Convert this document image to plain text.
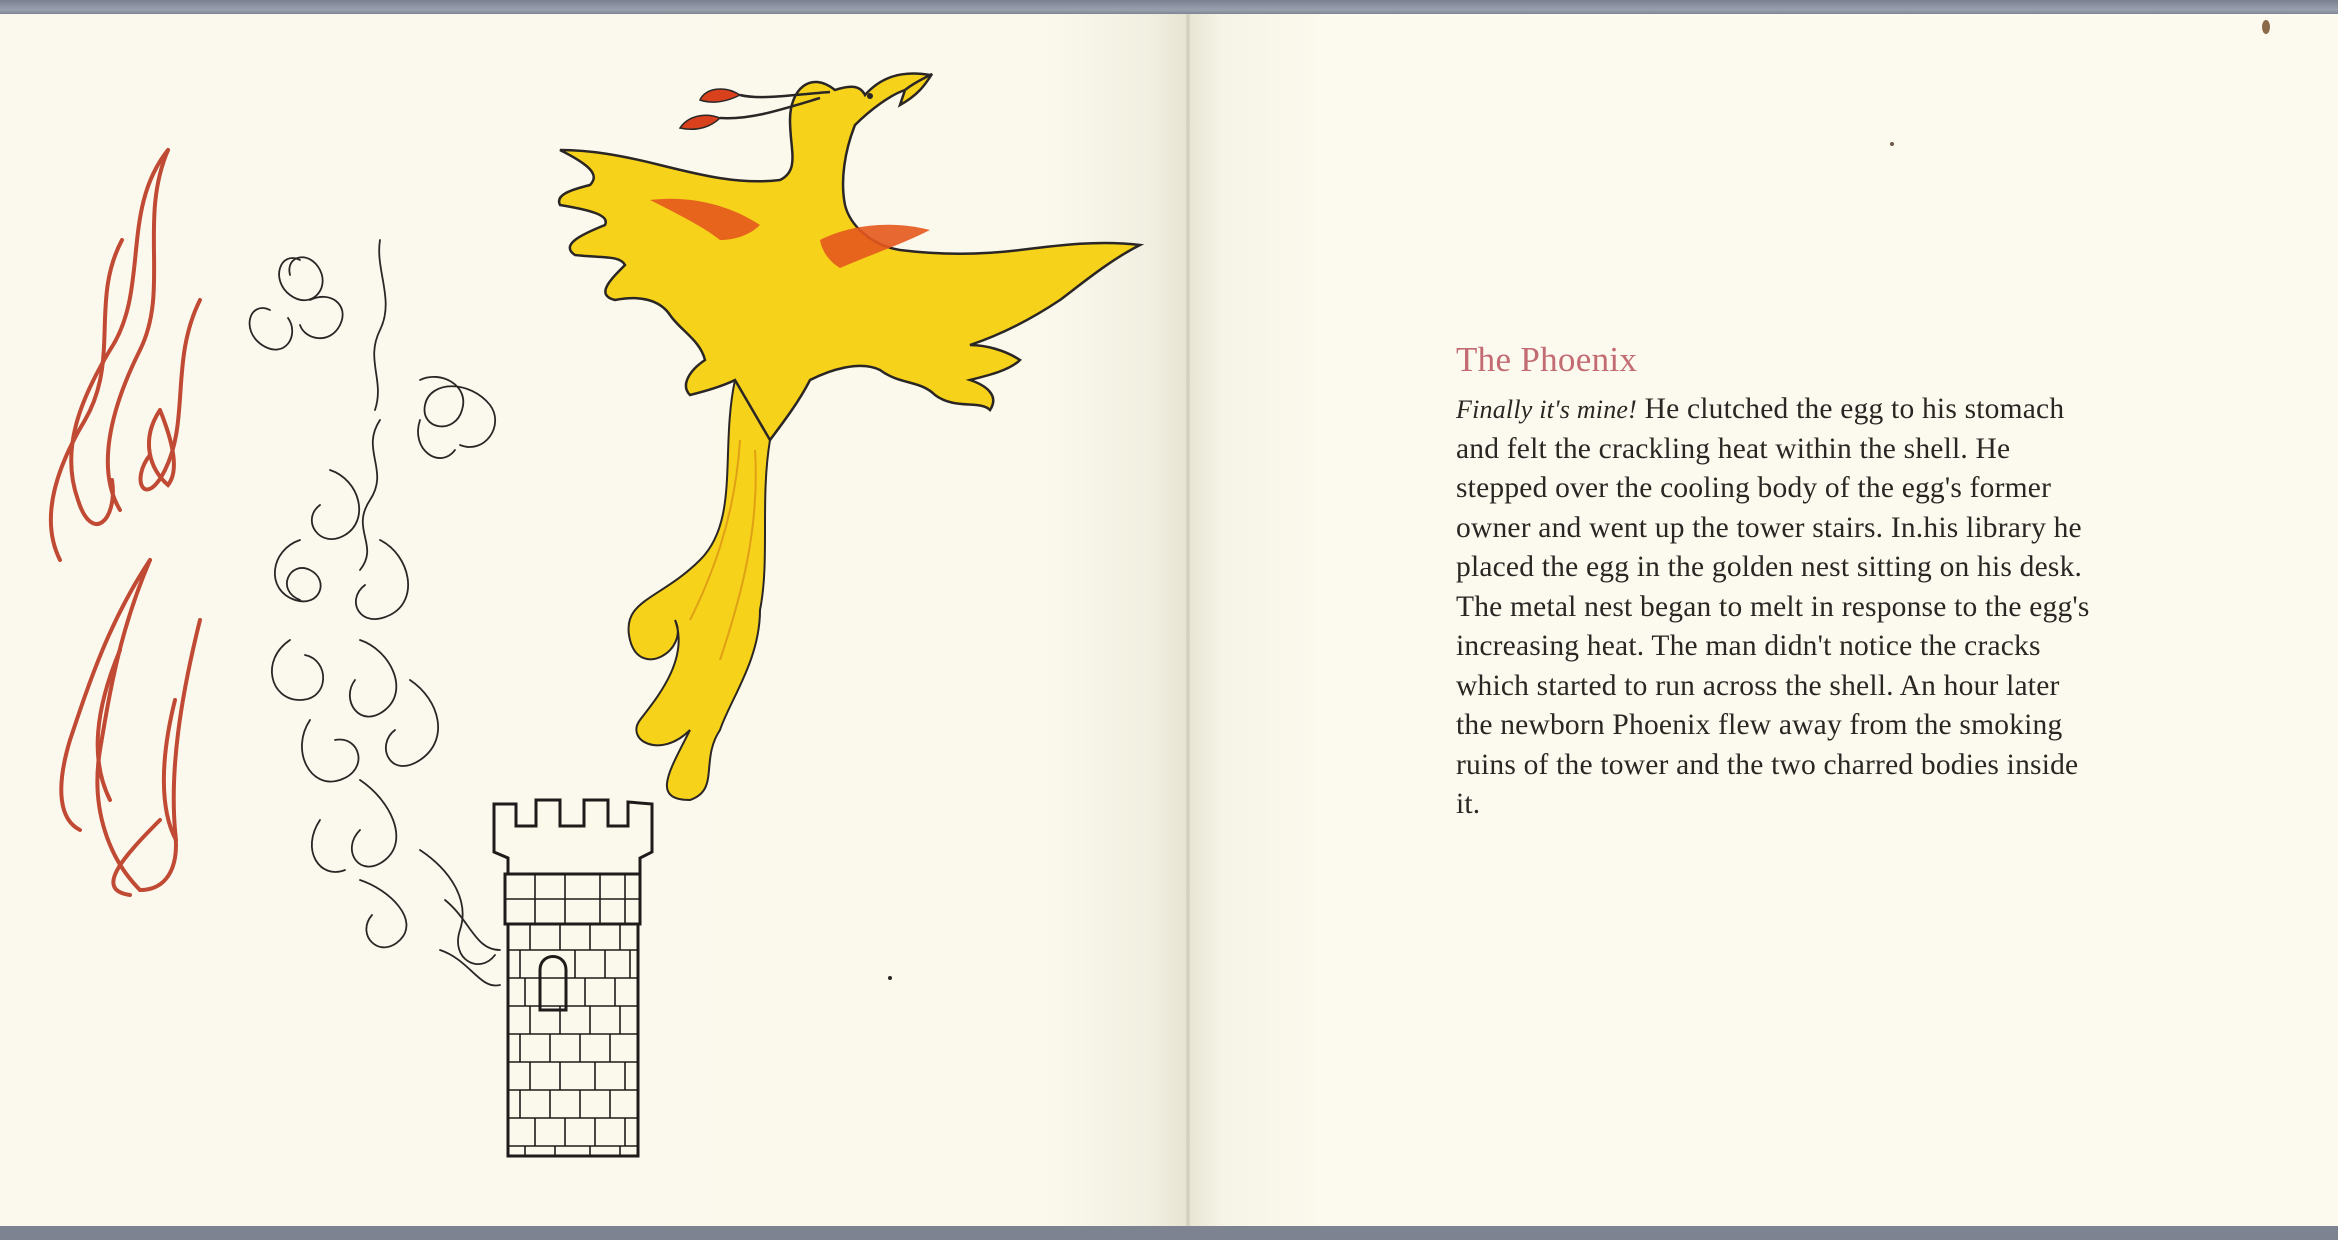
The Phoenix

Finally it's mine! He clutched the egg to his stomach and felt the crackling heat within the shell. He stepped over the cooling body of the egg's former owner and went up the tower stairs. In.his library he placed the egg in the golden nest sitting on his desk. The metal nest began to melt in response to the egg's increasing heat. The man didn't notice the cracks which started to run across the shell. An hour later the newborn Phoenix flew away from the smoking ruins of the tower and the two charred bodies inside it.
